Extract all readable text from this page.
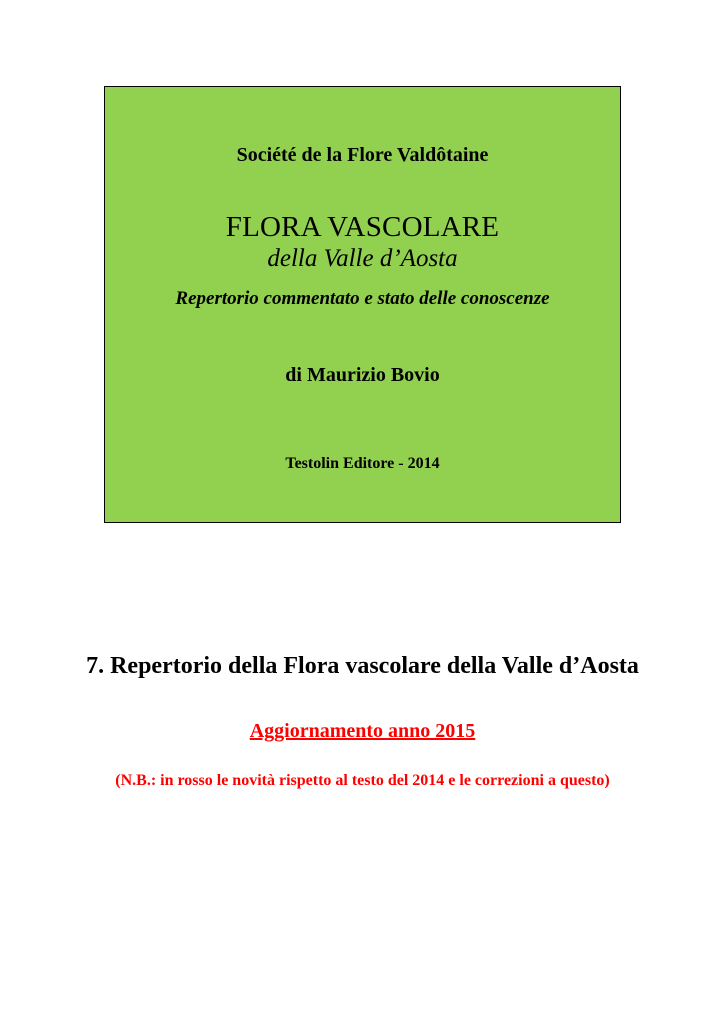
Société de la Flore Valdôtaine

FLORA VASCOLARE

della Valle d’Aosta

Repertorio commentato e stato delle conoscenze

di Maurizio Bovio

Testolin Editore - 2014

7. Repertorio della Flora vascolare della Valle d’Aosta

Aggiornamento anno 2015

(N.B.: in rosso le novità rispetto al testo del 2014 e le correzioni a questo)
